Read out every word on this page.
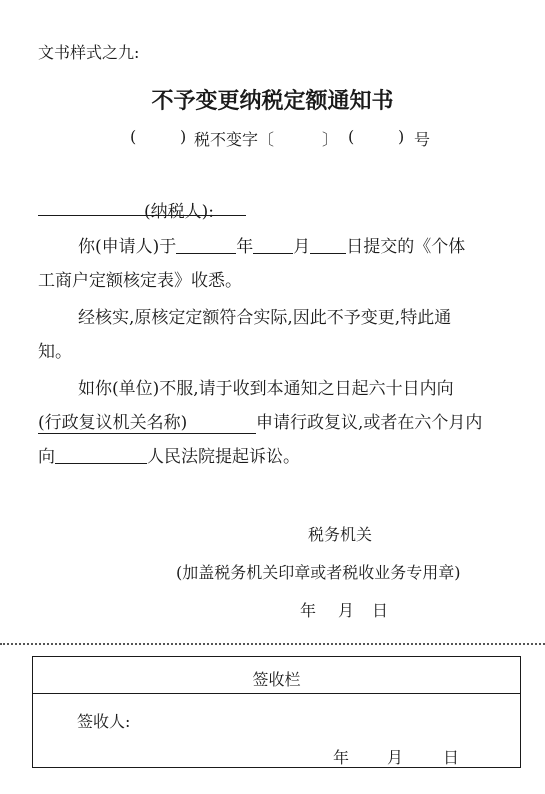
文书样式之九:
不予变更纳税定额通知书
(	) 税不变字〔	〕 (	) 号
(纳税人):
你(申请人)于	年 月 日提交的《个体
工商户定额核定表》收悉。
经核实,原核定定额符合实际,因此不予变更,特此通
知。
如你(单位)不服,请于收到本通知之日起六十日内向
(行政复议机关名称)	申请行政复议,或者在六个月内
向	人民法院提起诉讼。
税务机关
(加盖税务机关印章或者税收业务专用章)
年 月 日
签收栏
签收人:
年 月 日
